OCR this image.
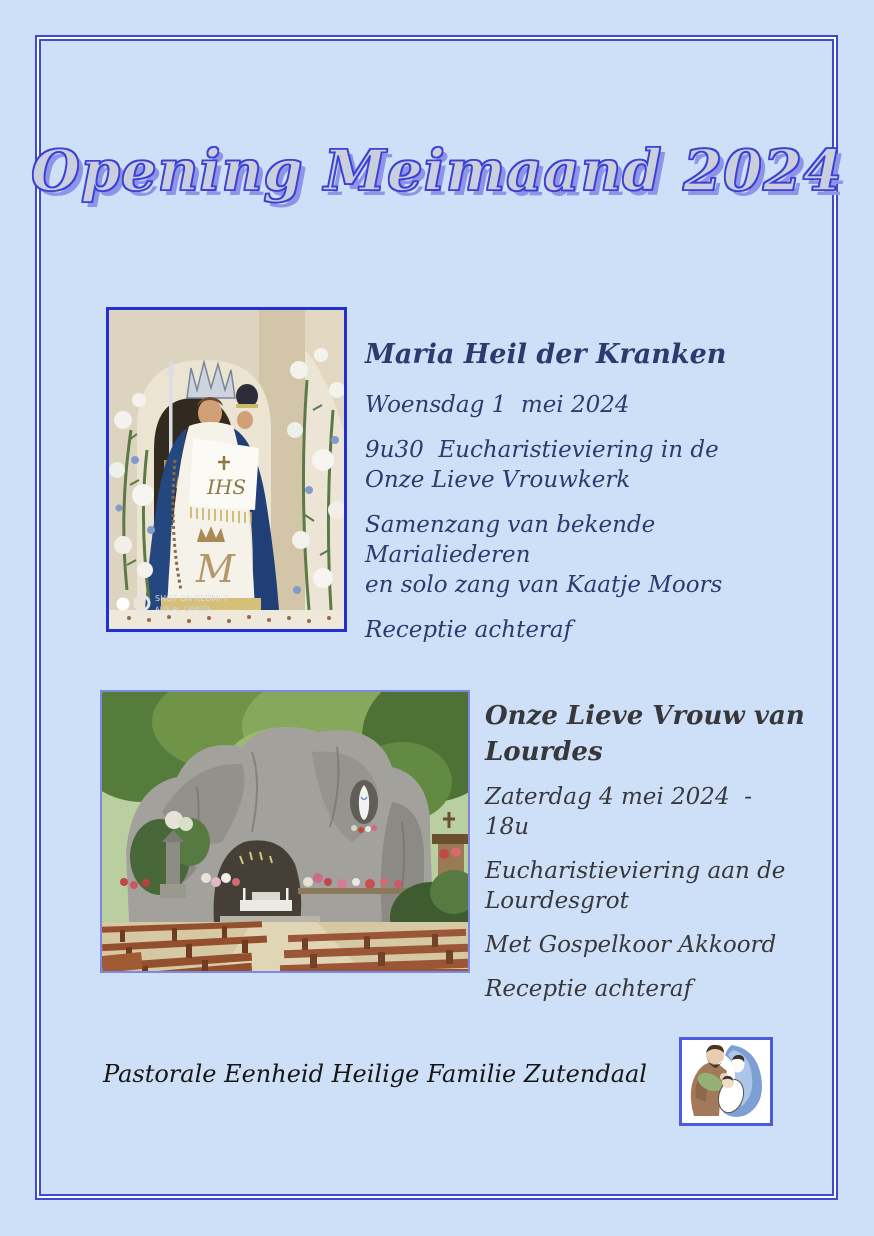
Opening Meimaand 2024
IHS
M
SHOT ON REDMI 7
AI DUAL CAMERA
Maria Heil der Kranken
Woensdag 1  mei 2024
9u30  Eucharistieviering in de
Onze Lieve Vrouwkerk
Samenzang van bekende Marialiederen
en solo zang van Kaatje Moors
Receptie achteraf
Onze Lieve Vrouw van
Lourdes
Zaterdag 4 mei 2024  -   18u
Eucharistieviering aan de
Lourdesgrot
Met Gospelkoor Akkoord
Receptie achteraf
Pastorale Eenheid Heilige Familie Zutendaal
